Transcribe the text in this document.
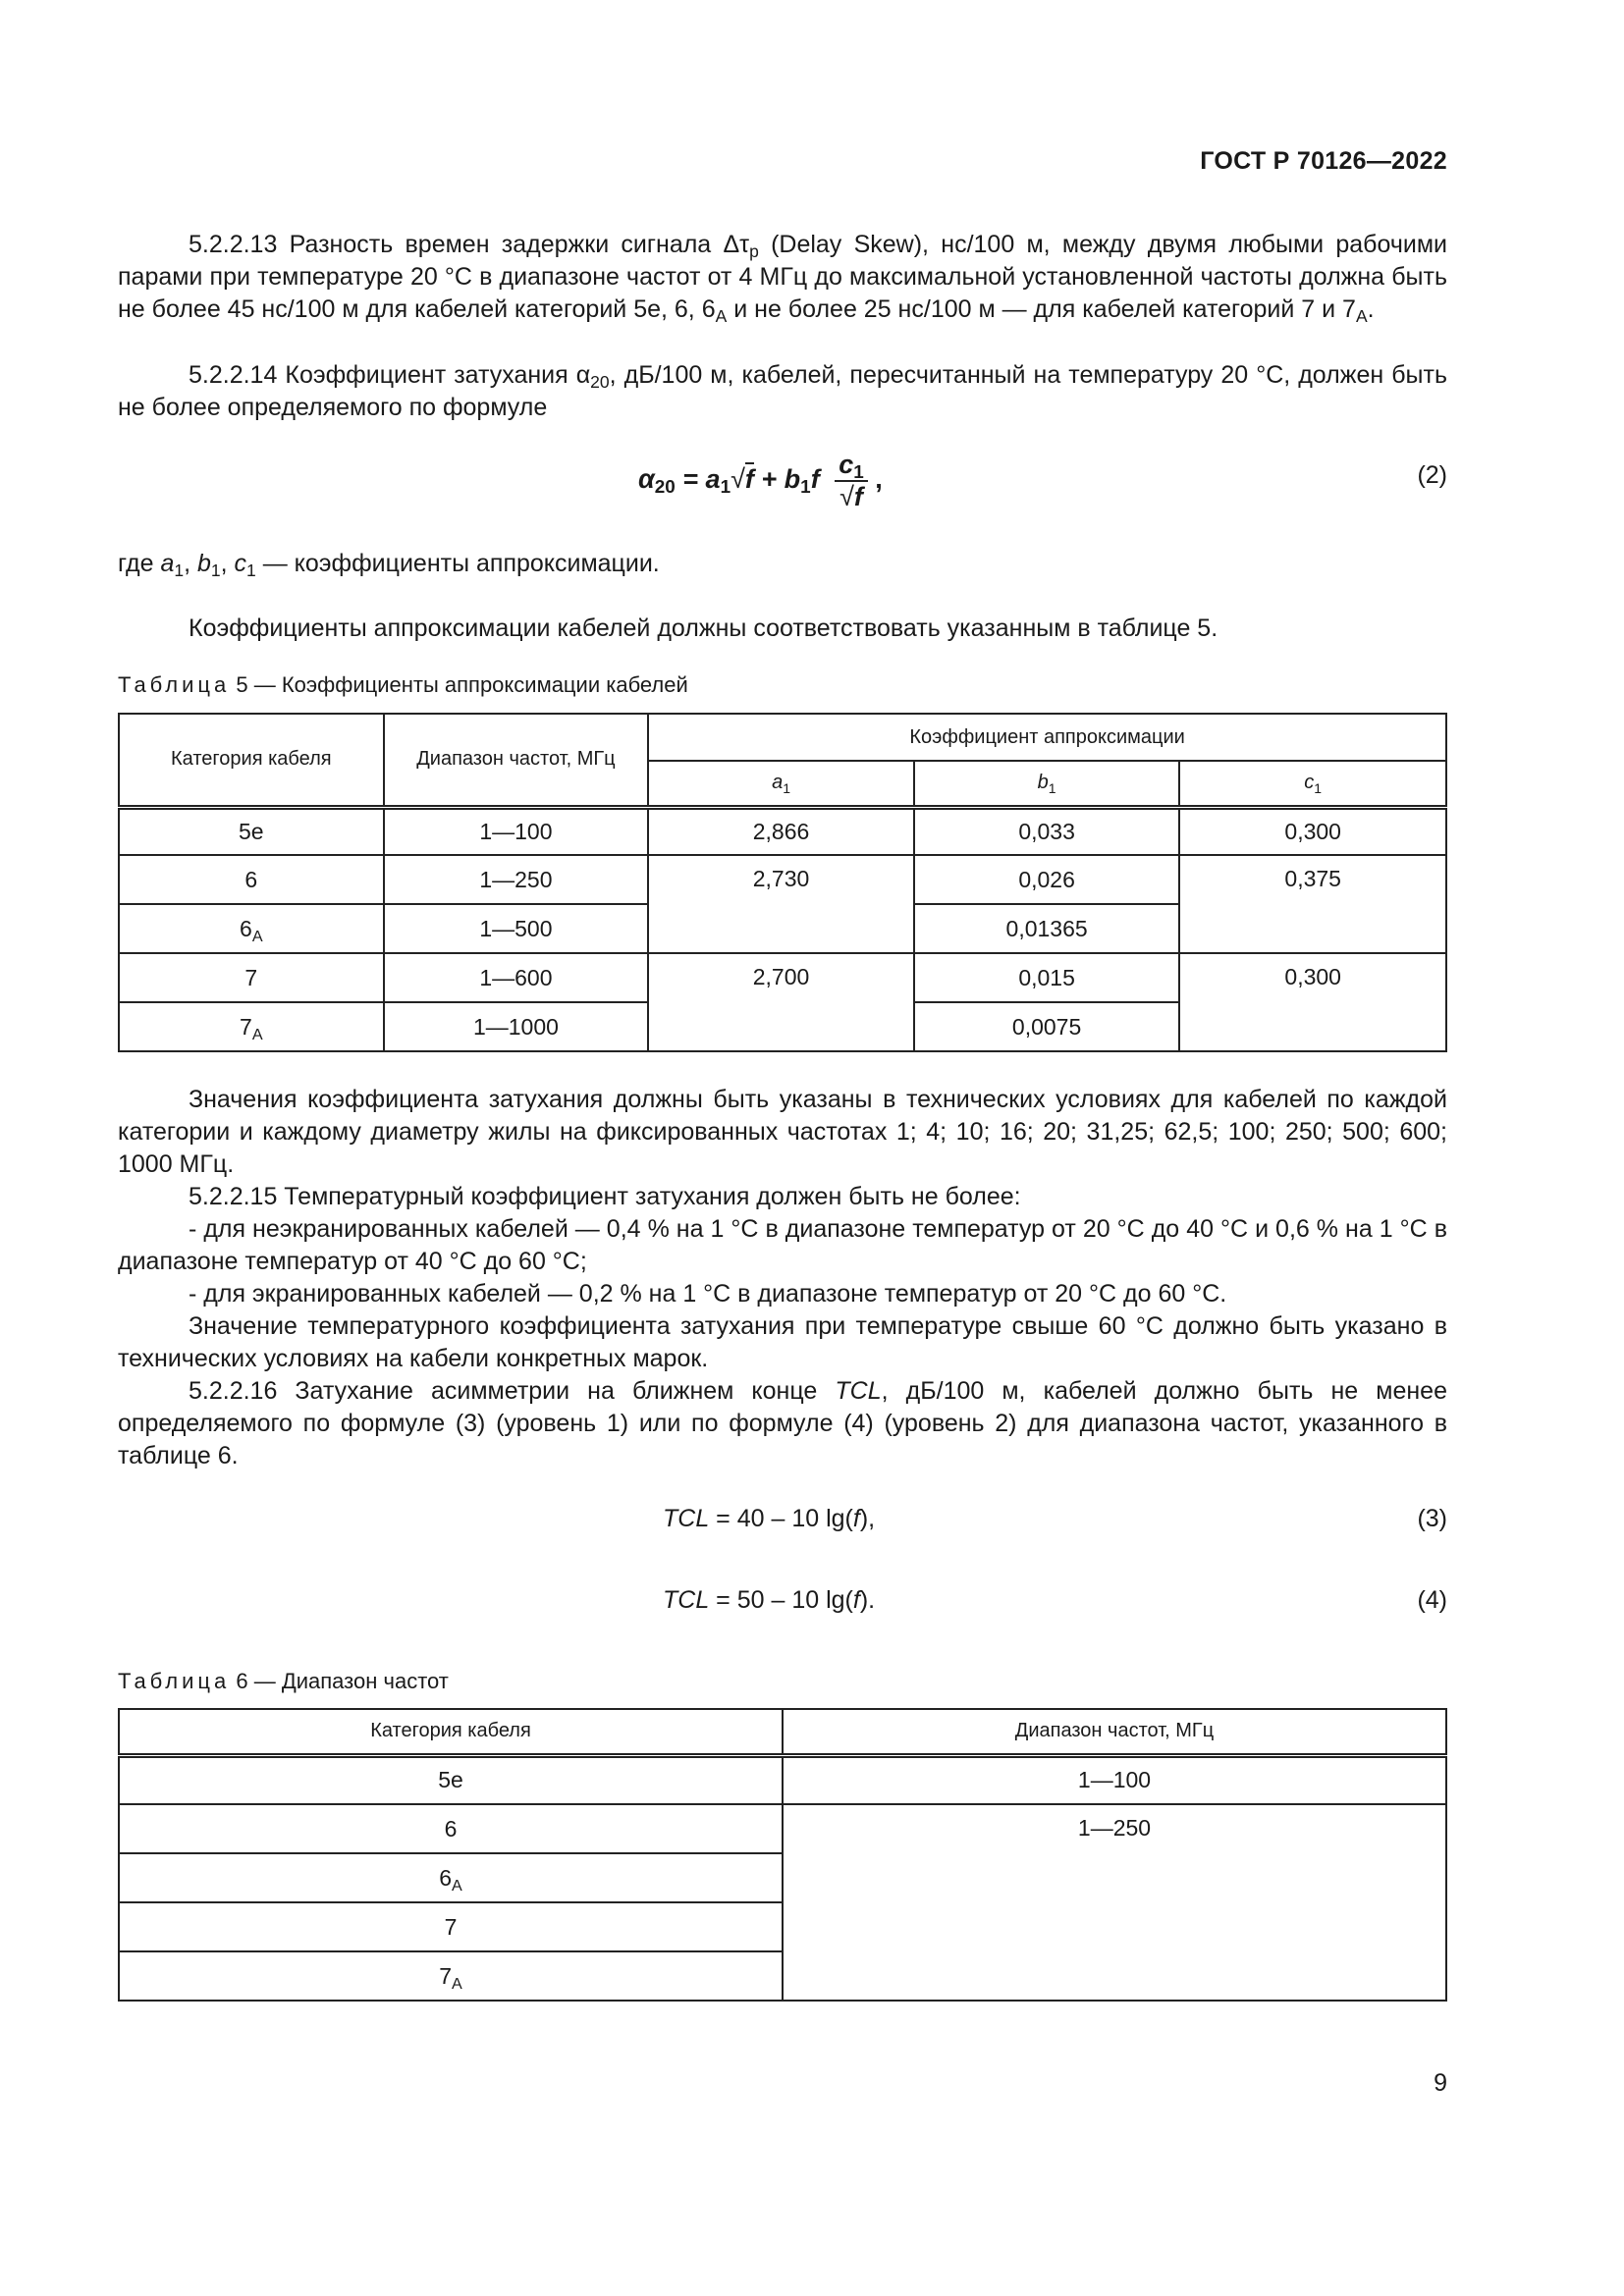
ГОСТ Р 70126—2022

5.2.2.13 Разность времен задержки сигнала $\Delta\tau_p$ (Delay Skew), нс/100 м, между двумя любыми рабочими парами при температуре 20 °С в диапазоне частот от 4 МГц до максимальной установленной частоты должна быть не более 45 нс/100 м для кабелей категорий 5е, 6, $6_A$ и не более 25 нс/100 м — для кабелей категорий 7 и $7_A$.

5.2.2.14 Коэффициент затухания $\alpha_{20}$, дБ/100 м, кабелей, пересчитанный на температуру 20 °С, должен быть не более определяемого по формуле

$\alpha_{20} = a_1√f + b_1f \frac{c_1}{√f}$ ,	(2)

где $a_1$, $b_1$, $c_1$ — коэффициенты аппроксимации.

Коэффициенты аппроксимации кабелей должны соответствовать указанным в таблице 5.

Таблица 5 — Коэффициенты аппроксимации кабелей
Категория кабеля	Диапазон частот, МГц	Коэффициент аппроксимации		
		$a_1$	$b_1$	$c_1$
5e	1—100	2,866	0,033	0,300
6	1—250	2,730	0,026	0,375
$6_A$	1—500		0,01365	
7	1—600	2,700	0,015	0,300
$7_A$	1—1000		0,0075	

Значения коэффициента затухания должны быть указаны в технических условиях для кабелей по каждой категории и каждому диаметру жилы на фиксированных частотах 1; 4; 10; 16; 20; 31,25; 62,5; 100; 250; 500; 600; 1000 МГц.

5.2.2.15 Температурный коэффициент затухания должен быть не более:

- для неэкранированных кабелей — 0,4 % на 1 °С в диапазоне температур от 20 °С до 40 °С и 0,6 % на 1 °С в диапазоне температур от 40 °С до 60 °С;

- для экранированных кабелей — 0,2 % на 1 °С в диапазоне температур от 20 °С до 60 °С.

Значение температурного коэффициента затухания при температуре свыше 60 °С должно быть указано в технических условиях на кабели конкретных марок.

5.2.2.16 Затухание асимметрии на ближнем конце TCL, дБ/100 м, кабелей должно быть не менее определяемого по формуле (3) (уровень 1) или по формуле (4) (уровень 2) для диапазона частот, указанного в таблице 6.

TCL = 40 – 10 lg(f),	(3)
TCL = 50 – 10 lg(f).	(4)
Таблица 6 — Диапазон частот
Категория кабеля	Диапазон частот, МГц
5e	1—100
6	1—250
$6_A$
7	
$7_A$
9
